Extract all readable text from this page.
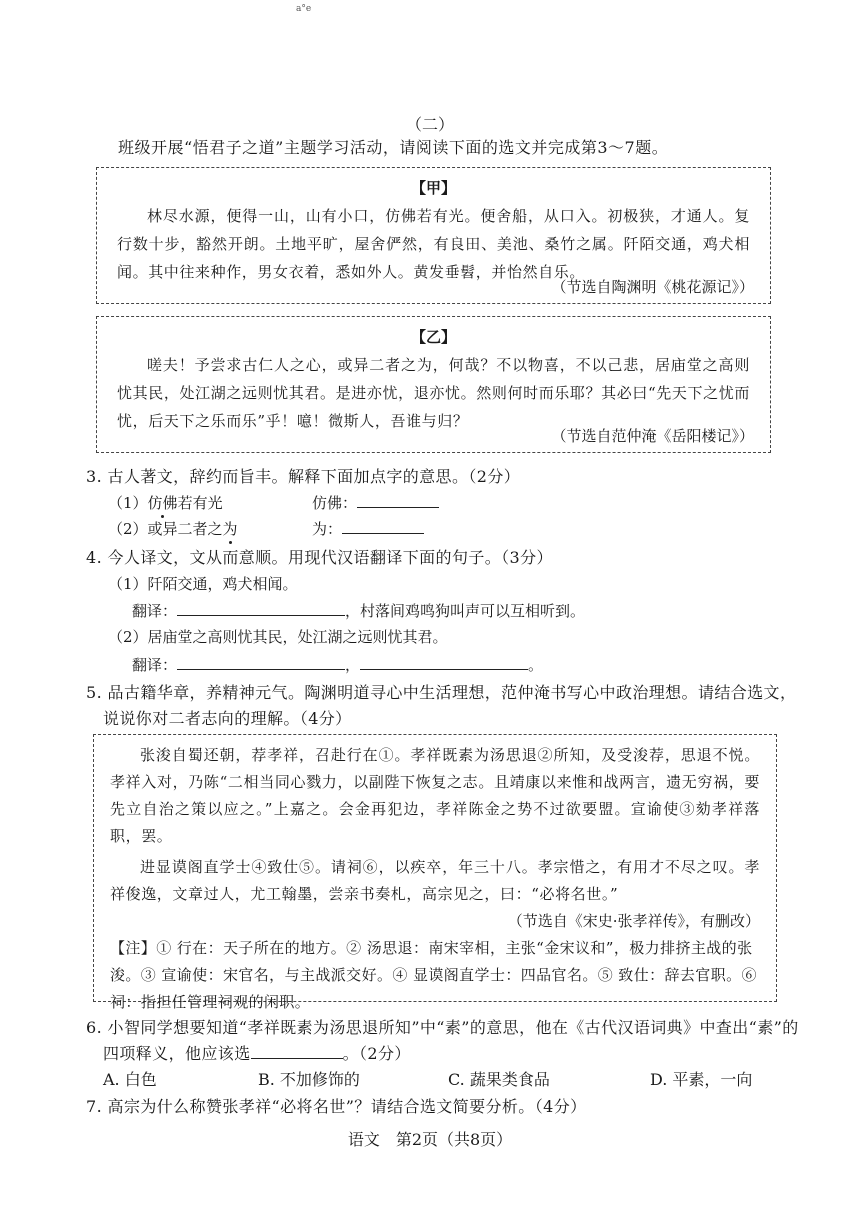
a°e
（二）
班级开展“悟君子之道”主题学习活动，请阅读下面的选文并完成第3～7题。
【甲】
林尽水源，便得一山，山有小口，仿佛若有光。便舍船，从口入。初极狭，才通人。复行数十步，豁然开朗。土地平旷，屋舍俨然，有良田、美池、桑竹之属。阡陌交通，鸡犬相闻。其中往来种作，男女衣着，悉如外人。黄发垂髫，并怡然自乐。
（节选自陶渊明《桃花源记》）
【乙】
嗟夫！予尝求古仁人之心，或异二者之为，何哉？不以物喜，不以己悲，居庙堂之高则忧其民，处江湖之远则忧其君。是进亦忧，退亦忧。然则何时而乐耶？其必曰“先天下之忧而忧，后天下之乐而乐”乎！噫！微斯人，吾谁与归？
（节选自范仲淹《岳阳楼记》）
3. 古人著文，辞约而旨丰。解释下面加点字的意思。（2分）
（1）仿佛若有光	仿佛：
（2）或异二者之为	为：
4. 今人译文，文从而意顺。用现代汉语翻译下面的句子。（3分）
（1）阡陌交通，鸡犬相闻。
翻译：	，村落间鸡鸣狗叫声可以互相听到。
（2）居庙堂之高则忧其民，处江湖之远则忧其君。
翻译：	，	。
5. 品古籍华章，养精神元气。陶渊明道寻心中生活理想，范仲淹书写心中政治理想。请结合选文，
说说你对二者志向的理解。（4分）
张浚自蜀还朝，荐孝祥，召赴行在①。孝祥既素为汤思退②所知，及受浚荐，思退不悦。孝祥入对，乃陈“二相当同心戮力，以副陛下恢复之志。且靖康以来惟和战两言，遗无穷祸，要先立自治之策以应之。”上嘉之。会金再犯边，孝祥陈金之势不过欲要盟。宣谕使③劾孝祥落职，罢。
进显谟阁直学士④致仕⑤。请祠⑥，以疾卒，年三十八。孝宗惜之，有用才不尽之叹。孝祥俊逸，文章过人，尤工翰墨，尝亲书奏札，高宗见之，曰：“必将名世。”
（节选自《宋史·张孝祥传》，有删改）
【注】① 行在：天子所在的地方。② 汤思退：南宋宰相，主张“金宋议和”，极力排挤主战的张浚。③ 宣谕使：宋官名，与主战派交好。④ 显谟阁直学士：四品官名。⑤ 致仕：辞去官职。⑥ 祠：指担任管理祠观的闲职。
6. 小智同学想要知道“孝祥既素为汤思退所知”中“素”的意思，他在《古代汉语词典》中查出“素”的
四项释义，他应该选	。（2分）
A. 白色	B. 不加修饰的	C. 蔬果类食品	D. 平素，一向
7. 高宗为什么称赞张孝祥“必将名世”？请结合选文简要分析。（4分）
语文　第2页（共8页）
